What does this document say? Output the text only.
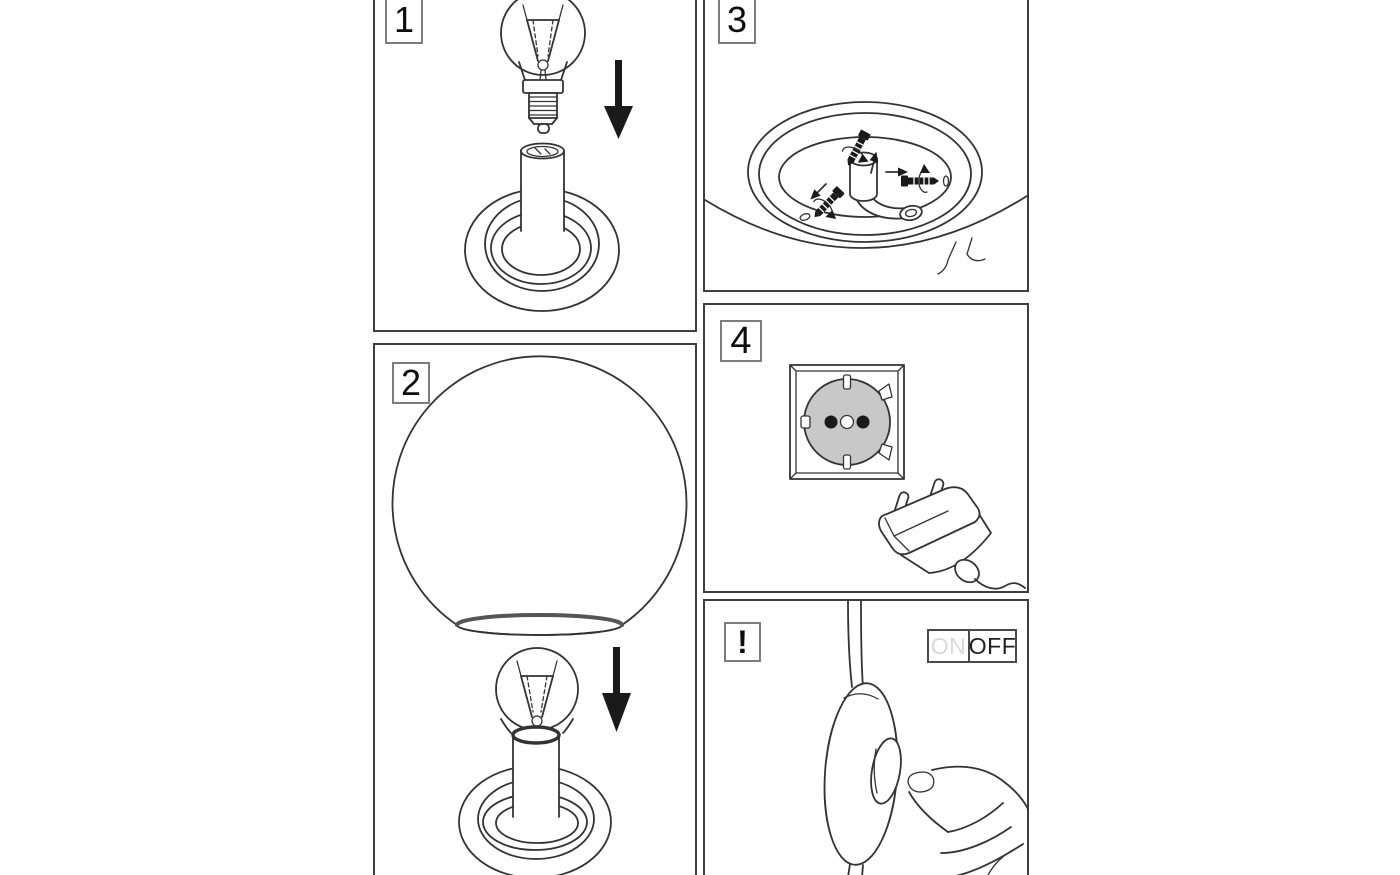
1
2
3
4
!	ON OFF
